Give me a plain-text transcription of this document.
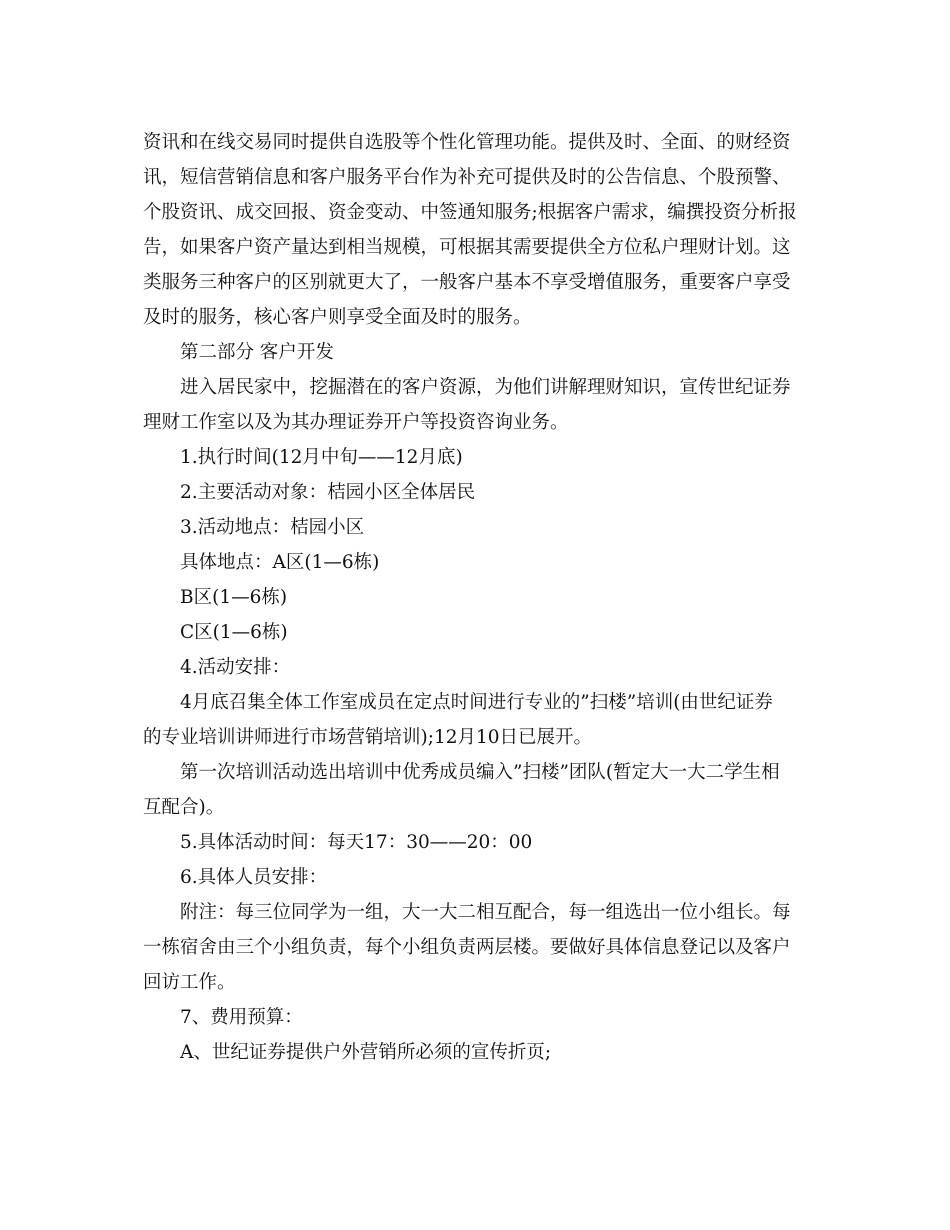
资讯和在线交易同时提供自选股等个性化管理功能。提供及时、全面、的财经资
讯，短信营销信息和客户服务平台作为补充可提供及时的公告信息、个股预警、
个股资讯、成交回报、资金变动、中签通知服务;根据客户需求，编撰投资分析报
告，如果客户资产量达到相当规模，可根据其需要提供全方位私户理财计划。这
类服务三种客户的区别就更大了，一般客户基本不享受增值服务，重要客户享受
及时的服务，核心客户则享受全面及时的服务。
第二部分 客户开发
进入居民家中，挖掘潜在的客户资源，为他们讲解理财知识，宣传世纪证券
理财工作室以及为其办理证券开户等投资咨询业务。
1.执行时间(12月中旬——12月底)
2.主要活动对象：桔园小区全体居民
3.活动地点：桔园小区
具体地点：A区(1—6栋)
B区(1—6栋)
C区(1—6栋)
4.活动安排：
4月底召集全体工作室成员在定点时间进行专业的”扫楼”培训(由世纪证券
的专业培训讲师进行市场营销培训);12月10日已展开。
第一次培训活动选出培训中优秀成员编入”扫楼”团队(暂定大一大二学生相
互配合)。
5.具体活动时间：每天17：30——20：00
6.具体人员安排：
附注：每三位同学为一组，大一大二相互配合，每一组选出一位小组长。每
一栋宿舍由三个小组负责，每个小组负责两层楼。要做好具体信息登记以及客户
回访工作。
7、费用预算：
A、世纪证券提供户外营销所必须的宣传折页;
